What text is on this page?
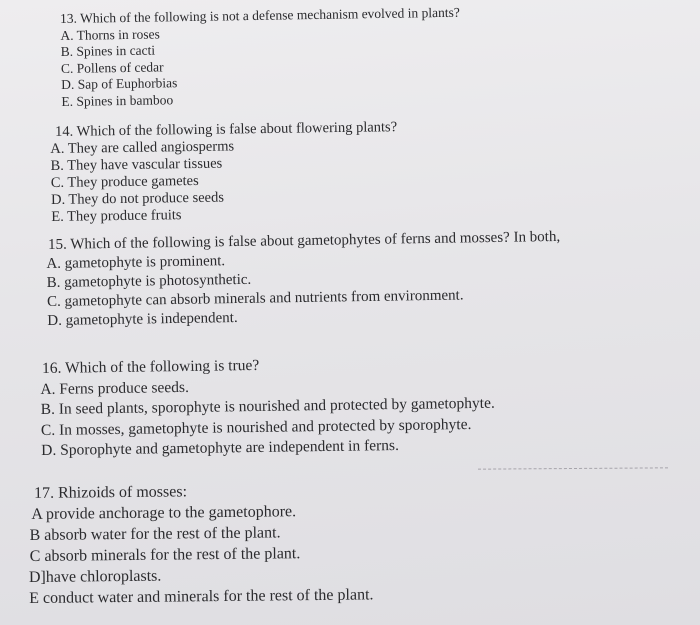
13. Which of the following is not a defense mechanism evolved in plants?
A. Thorns in roses
B. Spines in cacti
C. Pollens of cedar
D. Sap of Euphorbias
E. Spines in bamboo
14. Which of the following is false about flowering plants?
A. They are called angiosperms
B. They have vascular tissues
C. They produce gametes
D. They do not produce seeds
E. They produce fruits
15. Which of the following is false about gametophytes of ferns and mosses? In both,
A. gametophyte is prominent.
B. gametophyte is photosynthetic.
C. gametophyte can absorb minerals and nutrients from environment.
D. gametophyte is independent.
16. Which of the following is true?
A. Ferns produce seeds.
B. In seed plants, sporophyte is nourished and protected by gametophyte.
C. In mosses, gametophyte is nourished and protected by sporophyte.
D. Sporophyte and gametophyte are independent in ferns.
17. Rhizoids of mosses:
A provide anchorage to the gametophore.
B absorb water for the rest of the plant.
C absorb minerals for the rest of the plant.
D]have chloroplasts.
E conduct water and minerals for the rest of the plant.
